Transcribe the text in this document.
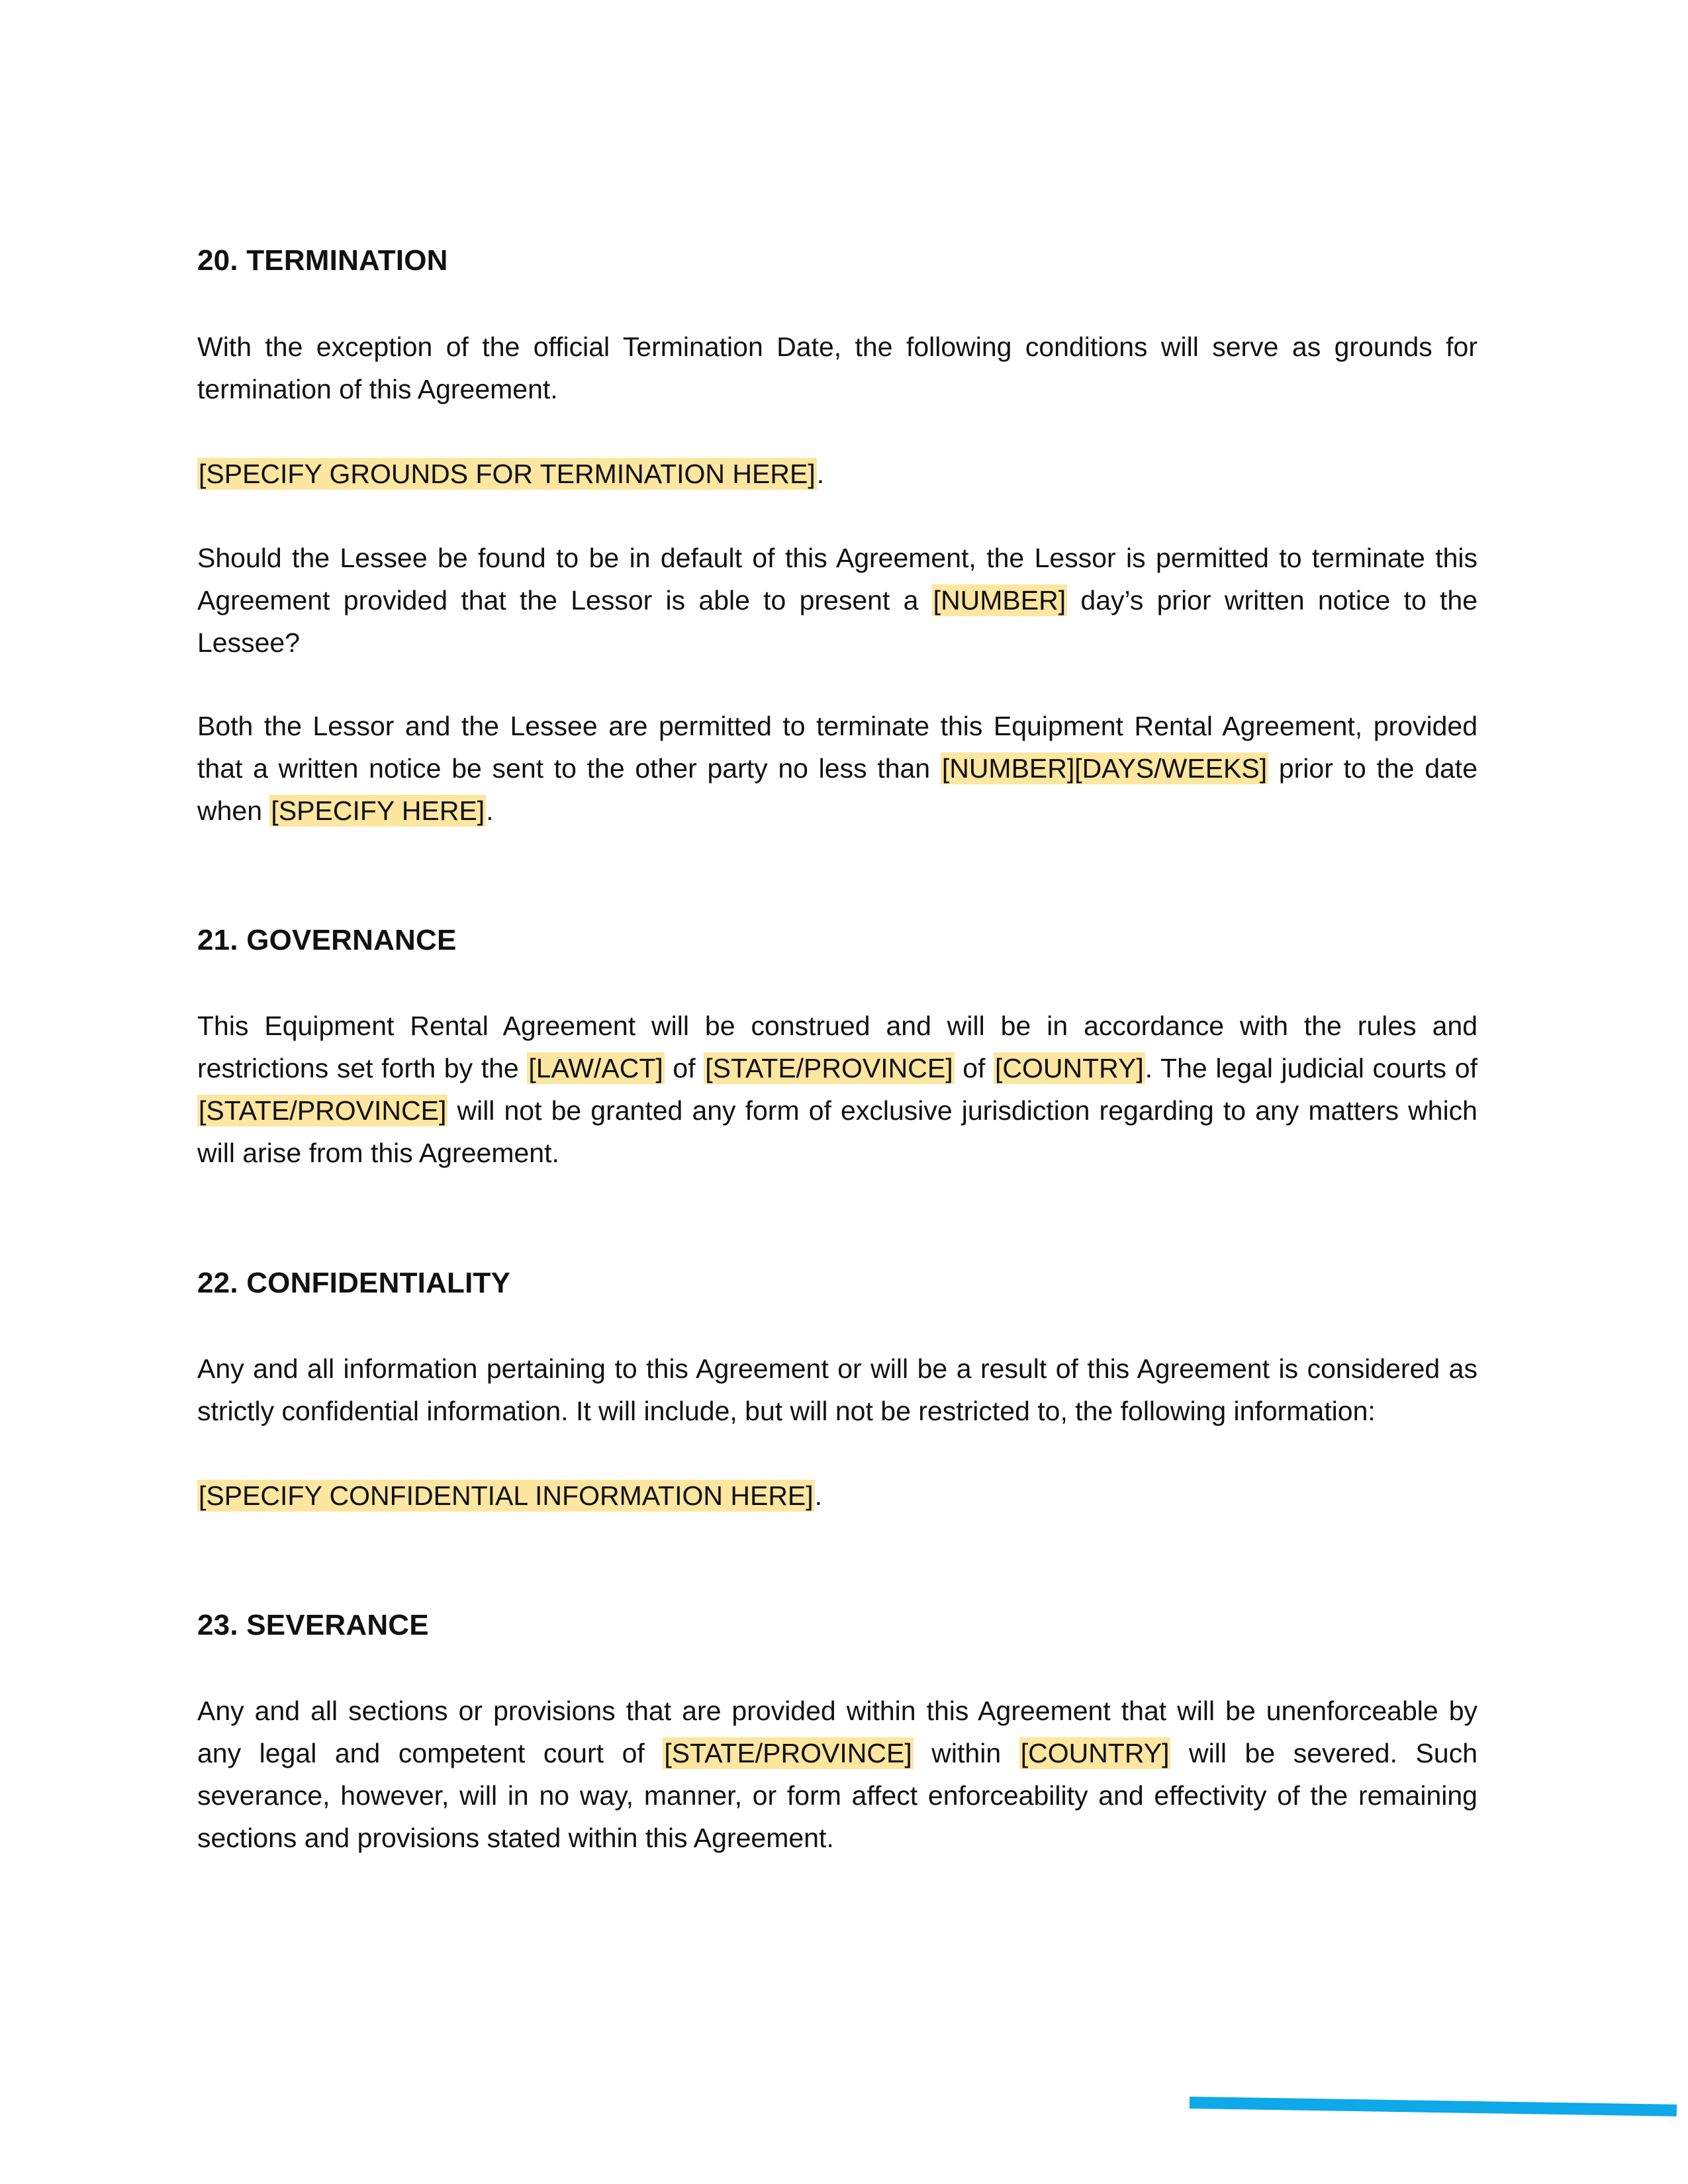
20. TERMINATION

With the exception of the official Termination Date, the following conditions will serve as grounds for termination of this Agreement.

[SPECIFY GROUNDS FOR TERMINATION HERE].

Should the Lessee be found to be in default of this Agreement, the Lessor is permitted to terminate this Agreement provided that the Lessor is able to present a [NUMBER] day’s prior written notice to the Lessee?

Both the Lessor and the Lessee are permitted to terminate this Equipment Rental Agreement, provided that a written notice be sent to the other party no less than [NUMBER][DAYS/WEEKS] prior to the date when [SPECIFY HERE].

21. GOVERNANCE

This Equipment Rental Agreement will be construed and will be in accordance with the rules and restrictions set forth by the [LAW/ACT] of [STATE/PROVINCE] of [COUNTRY]. The legal judicial courts of [STATE/PROVINCE] will not be granted any form of exclusive jurisdiction regarding to any matters which will arise from this Agreement.

22. CONFIDENTIALITY

Any and all information pertaining to this Agreement or will be a result of this Agreement is considered as strictly confidential information. It will include, but will not be restricted to, the following information:

[SPECIFY CONFIDENTIAL INFORMATION HERE].

23. SEVERANCE

Any and all sections or provisions that are provided within this Agreement that will be unenforceable by any legal and competent court of [STATE/PROVINCE] within [COUNTRY] will be severed. Such severance, however, will in no way, manner, or form affect enforceability and effectivity of the remaining sections and provisions stated within this Agreement.
